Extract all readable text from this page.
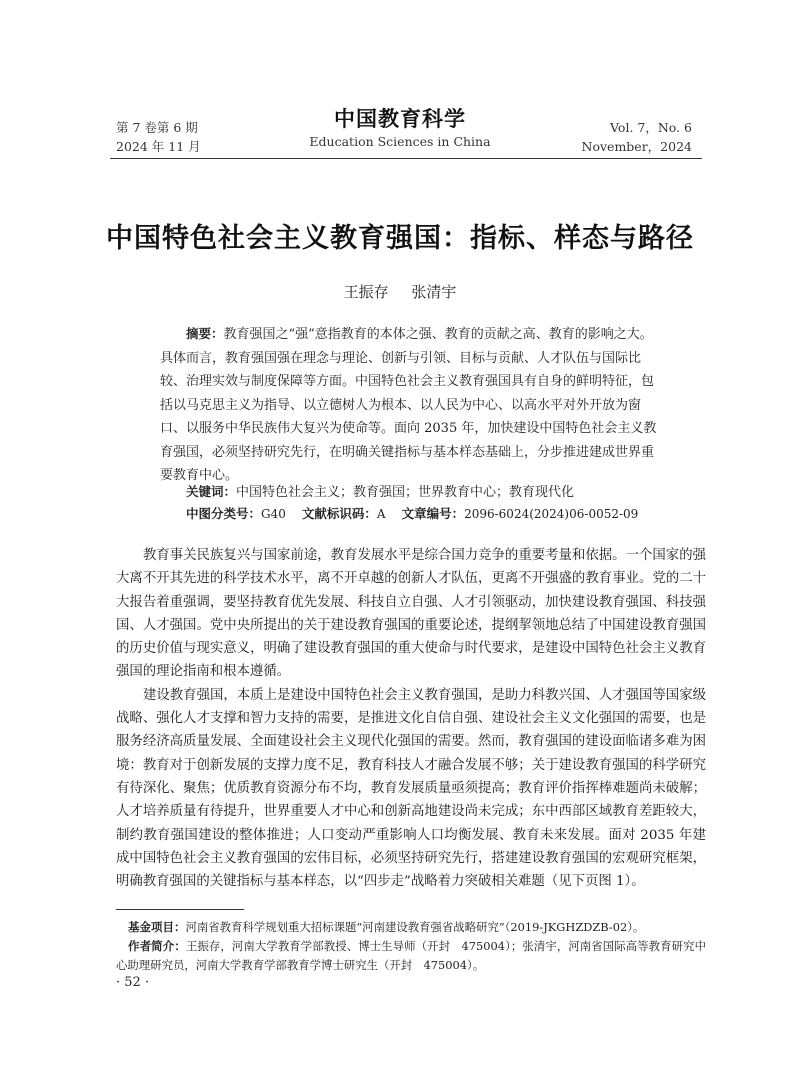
第 7 卷第 6 期
2024 年 11 月
中国教育科学
Education Sciences in China
Vol. 7，No. 6
November，2024
中国特色社会主义教育强国：指标、样态与路径
王振存 张清宇
摘要：教育强国之“强”意指教育的本体之强、教育的贡献之高、教育的影响之大。具体而言，教育强国强在理念与理论、创新与引领、目标与贡献、人才队伍与国际比较、治理实效与制度保障等方面。中国特色社会主义教育强国具有自身的鲜明特征，包括以马克思主义为指导、以立德树人为根本、以人民为中心、以高水平对外开放为窗口、以服务中华民族伟大复兴为使命等。面向 2035 年，加快建设中国特色社会主义教育强国，必须坚持研究先行，在明确关键指标与基本样态基础上，分步推进建成世界重要教育中心。
关键词：中国特色社会主义；教育强国；世界教育中心；教育现代化
中图分类号：G40 文献标识码：A 文章编号：2096-6024(2024)06-0052-09

教育事关民族复兴与国家前途，教育发展水平是综合国力竞争的重要考量和依据。一个国家的强大离不开其先进的科学技术水平，离不开卓越的创新人才队伍，更离不开强盛的教育事业。党的二十大报告着重强调，要坚持教育优先发展、科技自立自强、人才引领驱动，加快建设教育强国、科技强国、人才强国。党中央所提出的关于建设教育强国的重要论述，提纲挈领地总结了中国建设教育强国的历史价值与现实意义，明确了建设教育强国的重大使命与时代要求，是建设中国特色社会主义教育强国的理论指南和根本遵循。

建设教育强国，本质上是建设中国特色社会主义教育强国，是助力科教兴国、人才强国等国家级战略、强化人才支撑和智力支持的需要，是推进文化自信自强、建设社会主义文化强国的需要，也是服务经济高质量发展、全面建设社会主义现代化强国的需要。然而，教育强国的建设面临诸多难为困境：教育对于创新发展的支撑力度不足，教育科技人才融合发展不够；关于建设教育强国的科学研究有待深化、聚焦；优质教育资源分布不均，教育发展质量亟须提高；教育评价指挥棒难题尚未破解；人才培养质量有待提升，世界重要人才中心和创新高地建设尚未完成；东中西部区域教育差距较大，制约教育强国建设的整体推进；人口变动严重影响人口均衡发展、教育未来发展。面对 2035 年建成中国特色社会主义教育强国的宏伟目标，必须坚持研究先行，搭建建设教育强国的宏观研究框架，明确教育强国的关键指标与基本样态，以“四步走”战略着力突破相关难题（见下页图 1）。

基金项目：河南省教育科学规划重大招标课题“河南建设教育强省战略研究”（2019-JKGHZDZB-02）。
作者简介：王振存，河南大学教育学部教授、博士生导师（开封　475004）；张清宇，河南省国际高等教育研究中心助理研究员，河南大学教育学部教育学博士研究生（开封　475004）。
· 52 ·
